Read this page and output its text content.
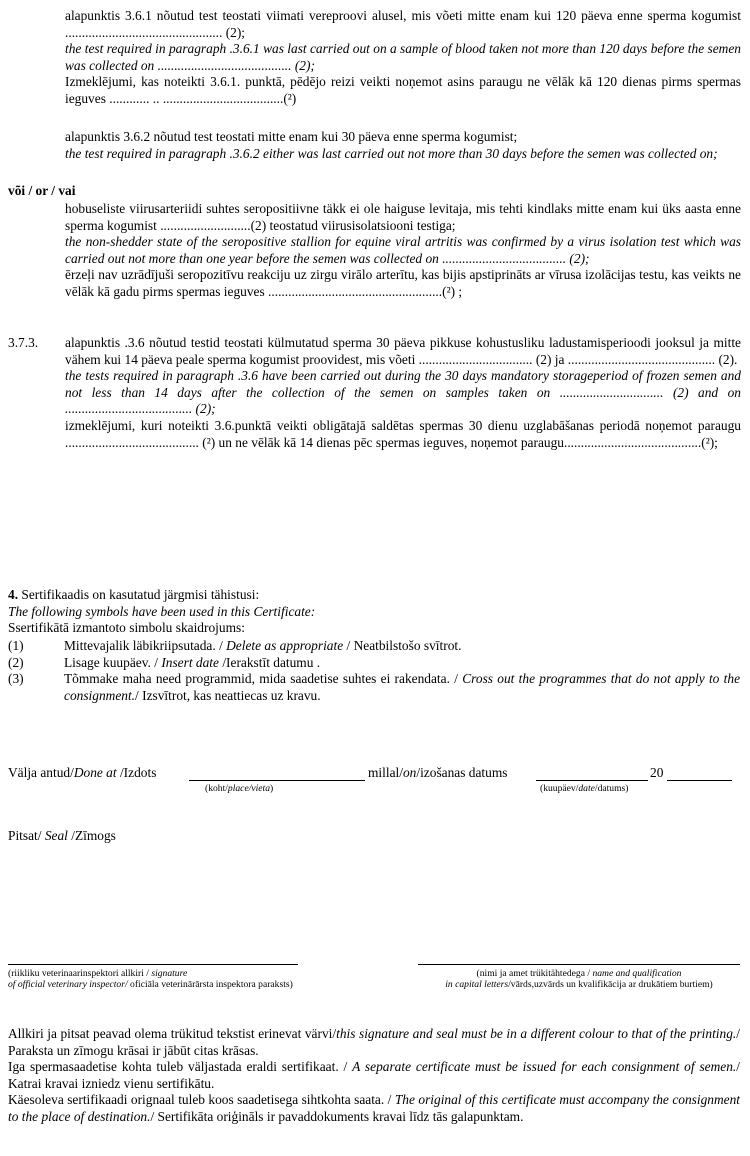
alapunktis 3.6.1 nõutud test teostati viimati vereproovi alusel, mis võeti mitte enam kui 120 päeva enne sperma kogumist ............................................... (2);

the test required in paragraph .3.6.1 was last carried out on a sample of blood taken not more than 120 days before the semen was collected on ........................................ (2);

Izmeklējumi, kas noteikti 3.6.1. punktā, pēdējo reizi veikti noņemot asins paraugu ne vēlāk kā 120 dienas pirms spermas ieguves ............ .. ....................................(²)

alapunktis 3.6.2 nõutud test teostati mitte enam kui 30 päeva enne sperma kogumist;

the test required in paragraph .3.6.2 either was last carried out not more than 30 days before the semen was collected on;

või / or / vai

hobuseliste viirusarteriidi suhtes seropositiivne täkk ei ole haiguse levitaja, mis tehti kindlaks mitte enam kui üks aasta enne sperma kogumist ...........................(2) teostatud viirusisolatsiooni testiga;

the non-shedder state of the seropositive stallion for equine viral artritis was confirmed by a virus isolation test which was carried out not more than one year before the semen was collected on ..................................... (2);

ērzeļi nav uzrādījuši seropozitīvu reakciju uz zirgu virālo arterītu, kas bijis apstiprināts ar vīrusa izolācijas testu, kas veikts ne vēlāk kā gadu pirms spermas ieguves ....................................................(²) ;

3.7.3. alapunktis .3.6 nõutud testid teostati külmutatud sperma 30 päeva pikkuse kohustusliku ladustamisperioodi jooksul ja mitte vähem kui 14 päeva peale sperma kogumist proovidest, mis võeti .................................. (2) ja ............................................ (2).

the tests required in paragraph .3.6 have been carried out during the 30 days mandatory storageperiod of frozen semen and not less than 14 days after the collection of the semen on samples taken on ............................... (2) and on ...................................... (2);

izmeklējumi, kuri noteikti 3.6.punktā veikti obligātajā saldētas spermas 30 dienu uzglabāšanas periodā noņemot paraugu ........................................ (²) un ne vēlāk kā 14 dienas pēc spermas ieguves, noņemot paraugu.........................................(²);

4. Sertifikaadis on kasutatud järgmisi tähistusi:

The following symbols have been used in this Certificate:

Ssertifikātā izmantoto simbolu skaidrojums:

(1)	Mittevajalik läbikriipsutada. / Delete as appropriate / Neatbilstošo svītrot.
(2)	Lisage kuupäev. / Insert date /Ierakstīt datumu .
(3)	Tõmmake maha need programmid, mida saadetise suhtes ei rakendata. / Cross out the programmes that do not apply to the consignment./ Izsvītrot, kas neattiecas uz kravu.
Välja antud/Done at /Izdots	millal/on/izošanas datums	20
(koht/place/vieta)	(kuupäev/date/datums)
Pitsat/ Seal /Zīmogs

(riikliku veterinaarinspektori allkiri / signature

of official veterinary inspector/ oficiāla veterinārārsta inspektora paraksts)

(nimi ja amet trükitähtedega / name and qualification

in capital letters/vārds,uzvārds un kvalifikācija ar drukātiem burtiem)

Allkiri ja pitsat peavad olema trükitud tekstist erinevat värvi/this signature and seal must be in a different colour to that of the printing./ Paraksta un zīmogu krāsai ir jābūt citas krāsas.

Iga spermasaadetise kohta tuleb väljastada eraldi sertifikaat. / A separate certificate must be issued for each consignment of semen./ Katrai kravai izniedz vienu sertifikātu.

Käesoleva sertifikaadi orignaal tuleb koos saadetisega sihtkohta saata. / The original of this certificate must accompany the consignment to the place of destination./ Sertifikāta oriģināls ir pavaddokuments kravai līdz tās galapunktam.
